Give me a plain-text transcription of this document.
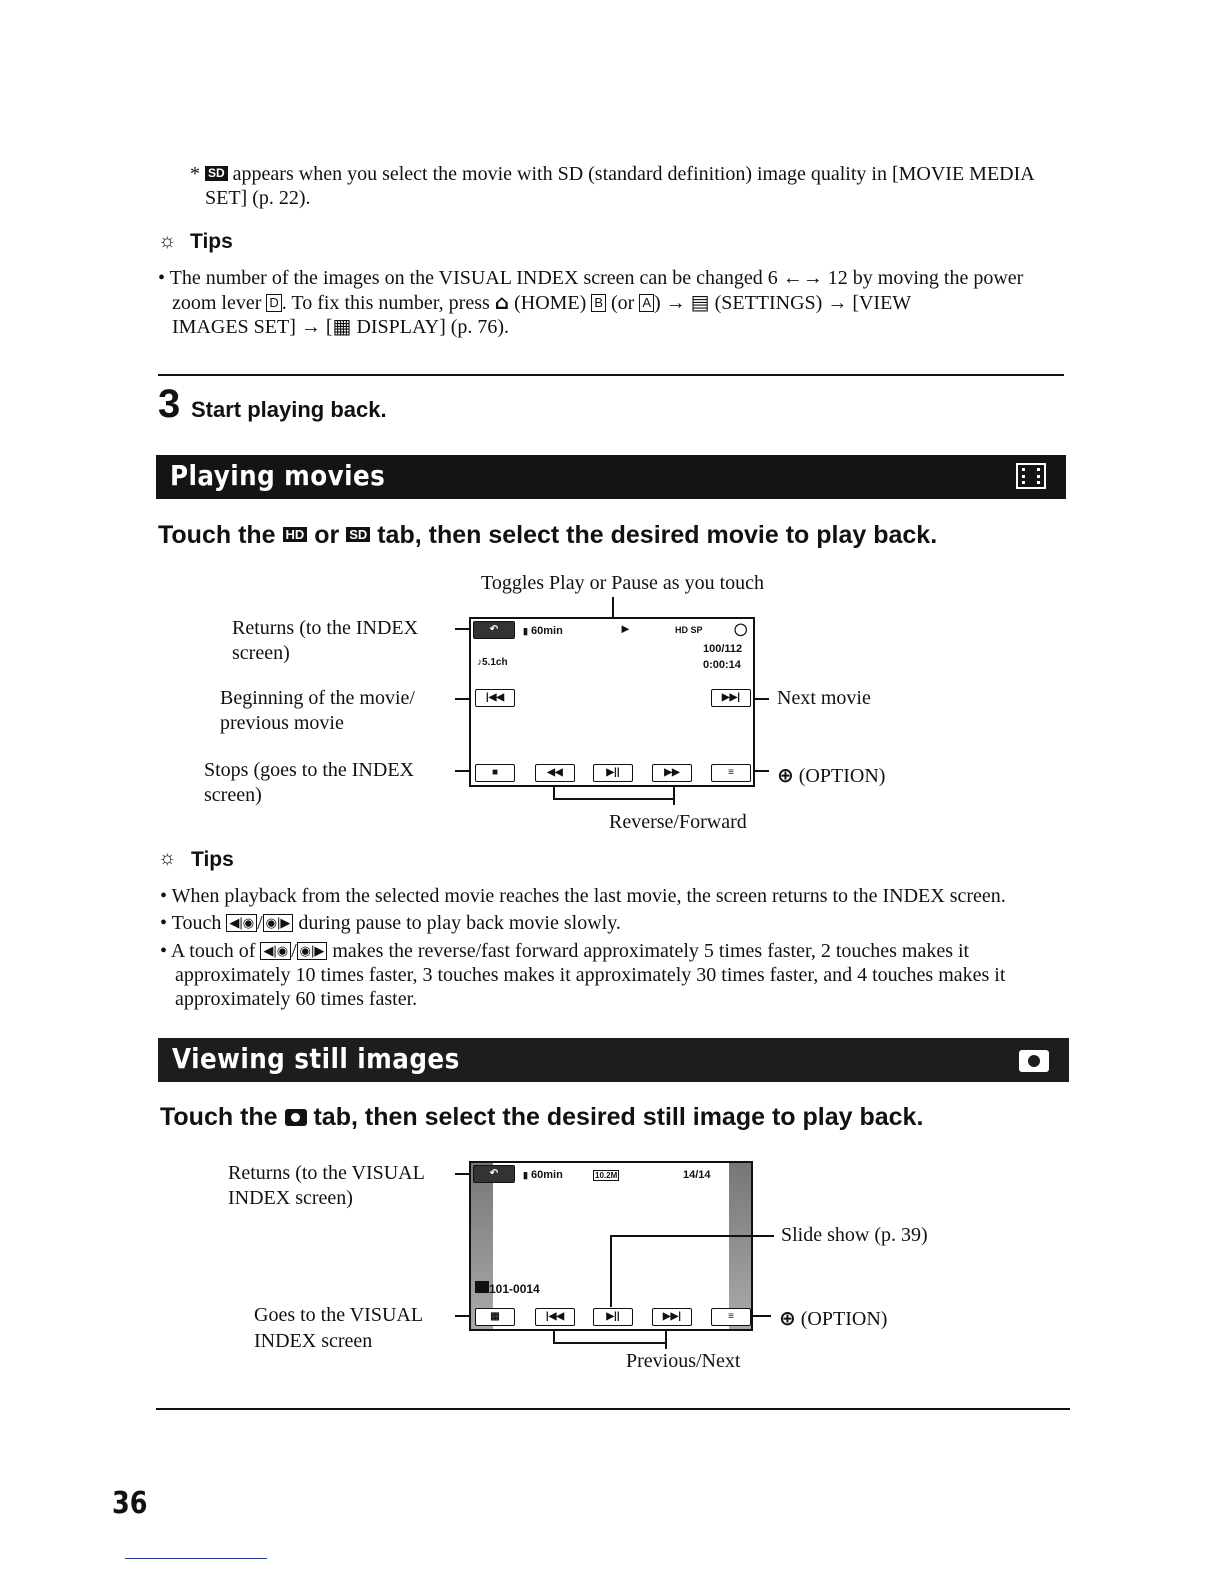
* SD appears when you select the movie with SD (standard definition) image quality in [MOVIE MEDIA SET] (p. 22).
☼ Tips
• The number of the images on the VISUAL INDEX screen can be changed 6 ←→ 12 by moving the power
zoom lever D . To fix this number, press ⌂ (HOME) B (or A ) → ▤ (SETTINGS) → [VIEW
IMAGES SET] → [▦ DISPLAY] (p. 76).
3 Start playing back.
Playing movies
Touch the HD or SD tab, then select the desired movie to play back.
Toggles Play or Pause as you touch
Returns (to the INDEX
screen)
Beginning of the movie/
previous movie
Stops (goes to the INDEX
screen)
↶	▮ 60min	►	HD SP	◯
100/112
0:00:14
♪5.1ch
|◀◀	▶▶|
■	◀◀	▶||	▶▶	≡
Next movie
⊕ (OPTION)
Reverse/Forward
☼ Tips
• When playback from the selected movie reaches the last movie, the screen returns to the INDEX screen.
• Touch ◀|◉ / ◉|▶ during pause to play back movie slowly.
• A touch of ◀|◉ / ◉|▶ makes the reverse/fast forward approximately 5 times faster, 2 touches makes it
approximately 10 times faster, 3 touches makes it approximately 30 times faster, and 4 touches makes it
approximately 60 times faster.
Viewing still images
Touch the tab, then select the desired still image to play back.
Returns (to the VISUAL
INDEX screen)
Goes to the VISUAL
INDEX screen
↶	▮ 60min	10.2M	14/14
101-0014
▦	|◀◀	▶||	▶▶|	≡
Slide show (p. 39)
⊕ (OPTION)
Previous/Next
36
